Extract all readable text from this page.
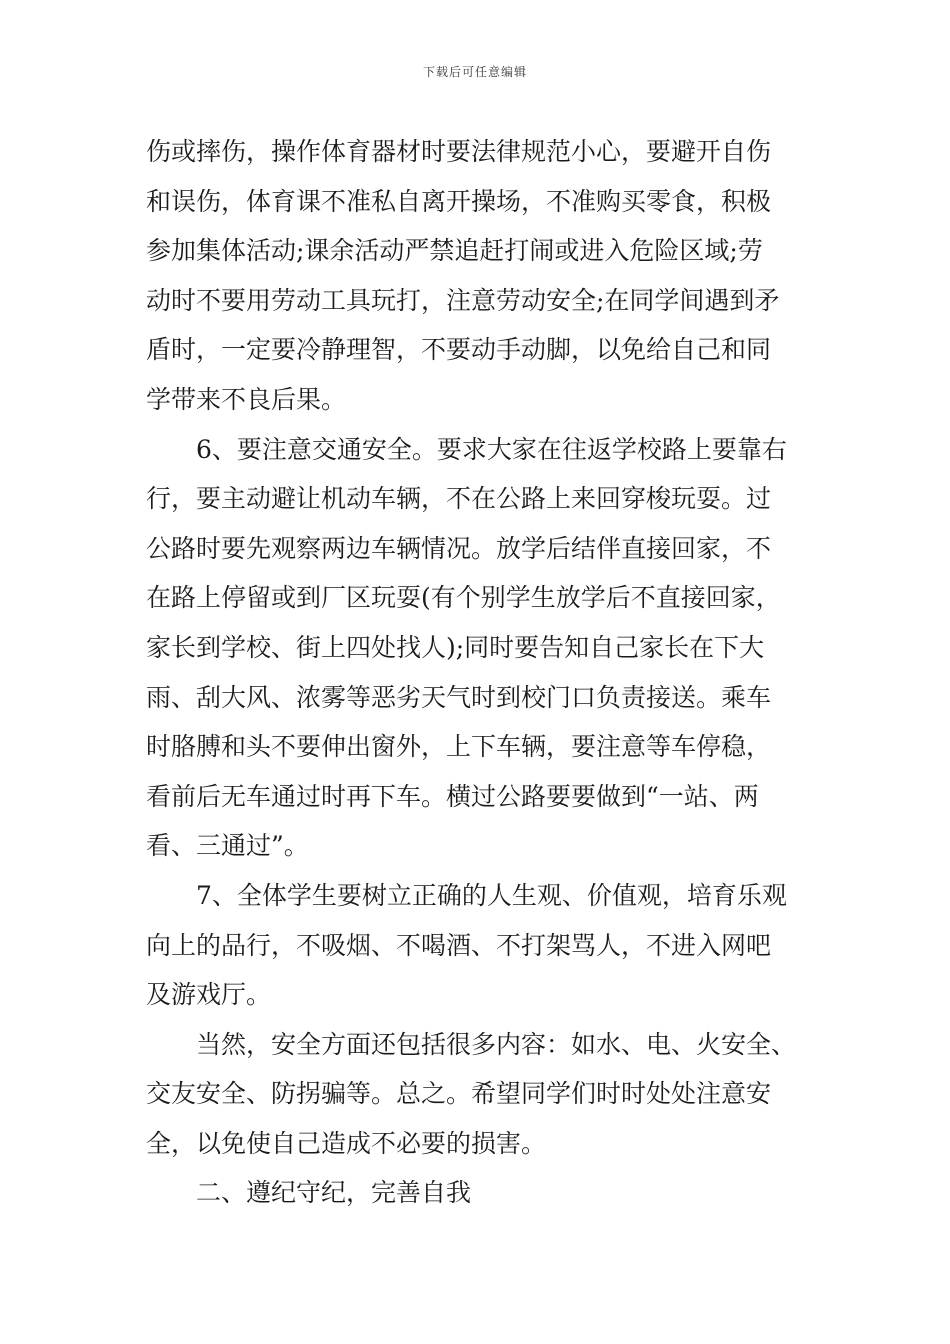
下载后可任意编辑
伤或摔伤，操作体育器材时要法律规范小心，要避开自伤
和误伤，体育课不准私自离开操场，不准购买零食，积极
参加集体活动;课余活动严禁追赶打闹或进入危险区域;劳
动时不要用劳动工具玩打，注意劳动安全;在同学间遇到矛
盾时，一定要冷静理智，不要动手动脚，以免给自己和同
学带来不良后果。
6、要注意交通安全。要求大家在往返学校路上要靠右
行，要主动避让机动车辆，不在公路上来回穿梭玩耍。过
公路时要先观察两边车辆情况。放学后结伴直接回家，不
在路上停留或到厂区玩耍(有个别学生放学后不直接回家，
家长到学校、街上四处找人);同时要告知自己家长在下大
雨、刮大风、浓雾等恶劣天气时到校门口负责接送。乘车
时胳膊和头不要伸出窗外，上下车辆，要注意等车停稳，
看前后无车通过时再下车。横过公路要要做到“一站、两
看、三通过”。
7、全体学生要树立正确的人生观、价值观，培育乐观
向上的品行，不吸烟、不喝酒、不打架骂人，不进入网吧
及游戏厅。
当然，安全方面还包括很多内容：如水、电、火安全、
交友安全、防拐骗等。总之。希望同学们时时处处注意安
全，以免使自己造成不必要的损害。
二、遵纪守纪，完善自我
